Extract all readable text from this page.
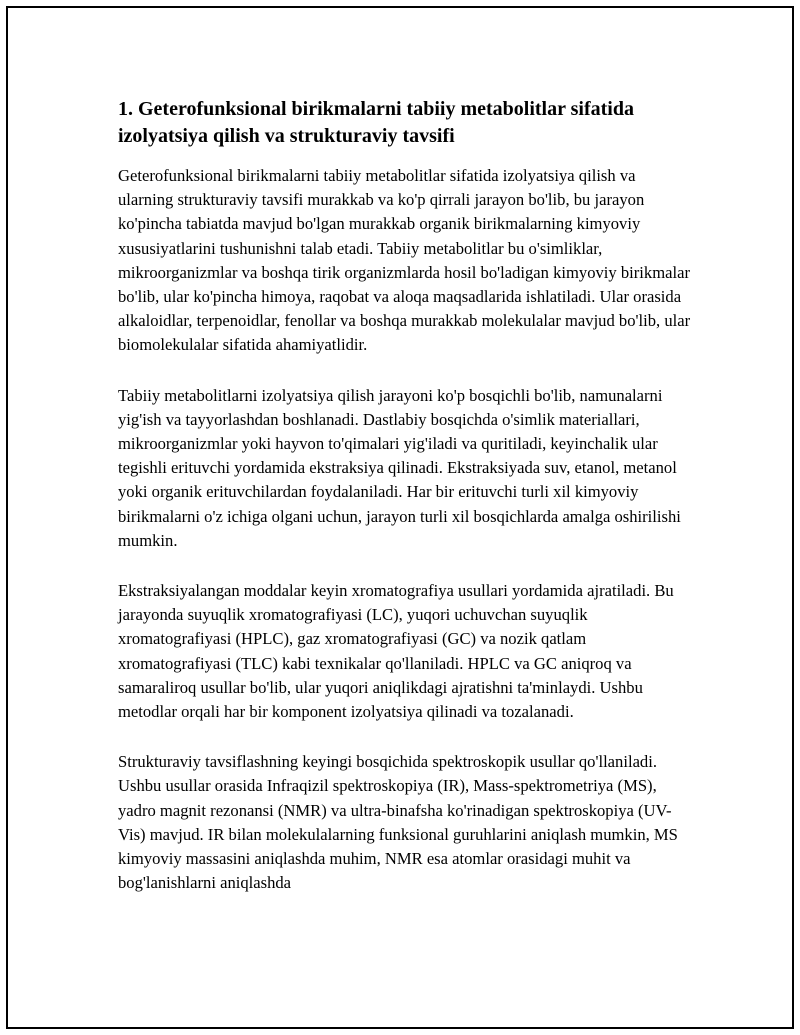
1. Geterofunksional birikmalarni tabiiy metabolitlar sifatida izolyatsiya qilish va strukturaviy tavsifi

Geterofunksional birikmalarni tabiiy metabolitlar sifatida izolyatsiya qilish va ularning strukturaviy tavsifi murakkab va ko'p qirrali jarayon bo'lib, bu jarayon ko'pincha tabiatda mavjud bo'lgan murakkab organik birikmalarning kimyoviy xususiyatlarini tushunishni talab etadi. Tabiiy metabolitlar bu o'simliklar, mikroorganizmlar va boshqa tirik organizmlarda hosil bo'ladigan kimyoviy birikmalar bo'lib, ular ko'pincha himoya, raqobat va aloqa maqsadlarida ishlatiladi. Ular orasida alkaloidlar, terpenoidlar, fenollar va boshqa murakkab molekulalar mavjud bo'lib, ular biomolekulalar sifatida ahamiyatlidir.

Tabiiy metabolitlarni izolyatsiya qilish jarayoni ko'p bosqichli bo'lib, namunalarni yig'ish va tayyorlashdan boshlanadi. Dastlabiy bosqichda o'simlik materiallari, mikroorganizmlar yoki hayvon to'qimalari yig'iladi va quritiladi, keyinchalik ular tegishli erituvchi yordamida ekstraksiya qilinadi. Ekstraksiyada suv, etanol, metanol yoki organik erituvchilardan foydalaniladi. Har bir erituvchi turli xil kimyoviy birikmalarni o'z ichiga olgani uchun, jarayon turli xil bosqichlarda amalga oshirilishi mumkin.

Ekstraksiyalangan moddalar keyin xromatografiya usullari yordamida ajratiladi. Bu jarayonda suyuqlik xromatografiyasi (LC), yuqori uchuvchan suyuqlik xromatografiyasi (HPLC), gaz xromatografiyasi (GC) va nozik qatlam xromatografiyasi (TLC) kabi texnikalar qo'llaniladi. HPLC va GC aniqroq va samaraliroq usullar bo'lib, ular yuqori aniqlikdagi ajratishni ta'minlaydi. Ushbu metodlar orqali har bir komponent izolyatsiya qilinadi va tozalanadi.

Strukturaviy tavsiflashning keyingi bosqichida spektroskopik usullar qo'llaniladi. Ushbu usullar orasida Infraqizil spektroskopiya (IR), Mass-spektrometriya (MS), yadro magnit rezonansi (NMR) va ultra-binafsha ko'rinadigan spektroskopiya (UV-Vis) mavjud. IR bilan molekulalarning funksional guruhlarini aniqlash mumkin, MS kimyoviy massasini aniqlashda muhim, NMR esa atomlar orasidagi muhit va bog'lanishlarni aniqlashda
